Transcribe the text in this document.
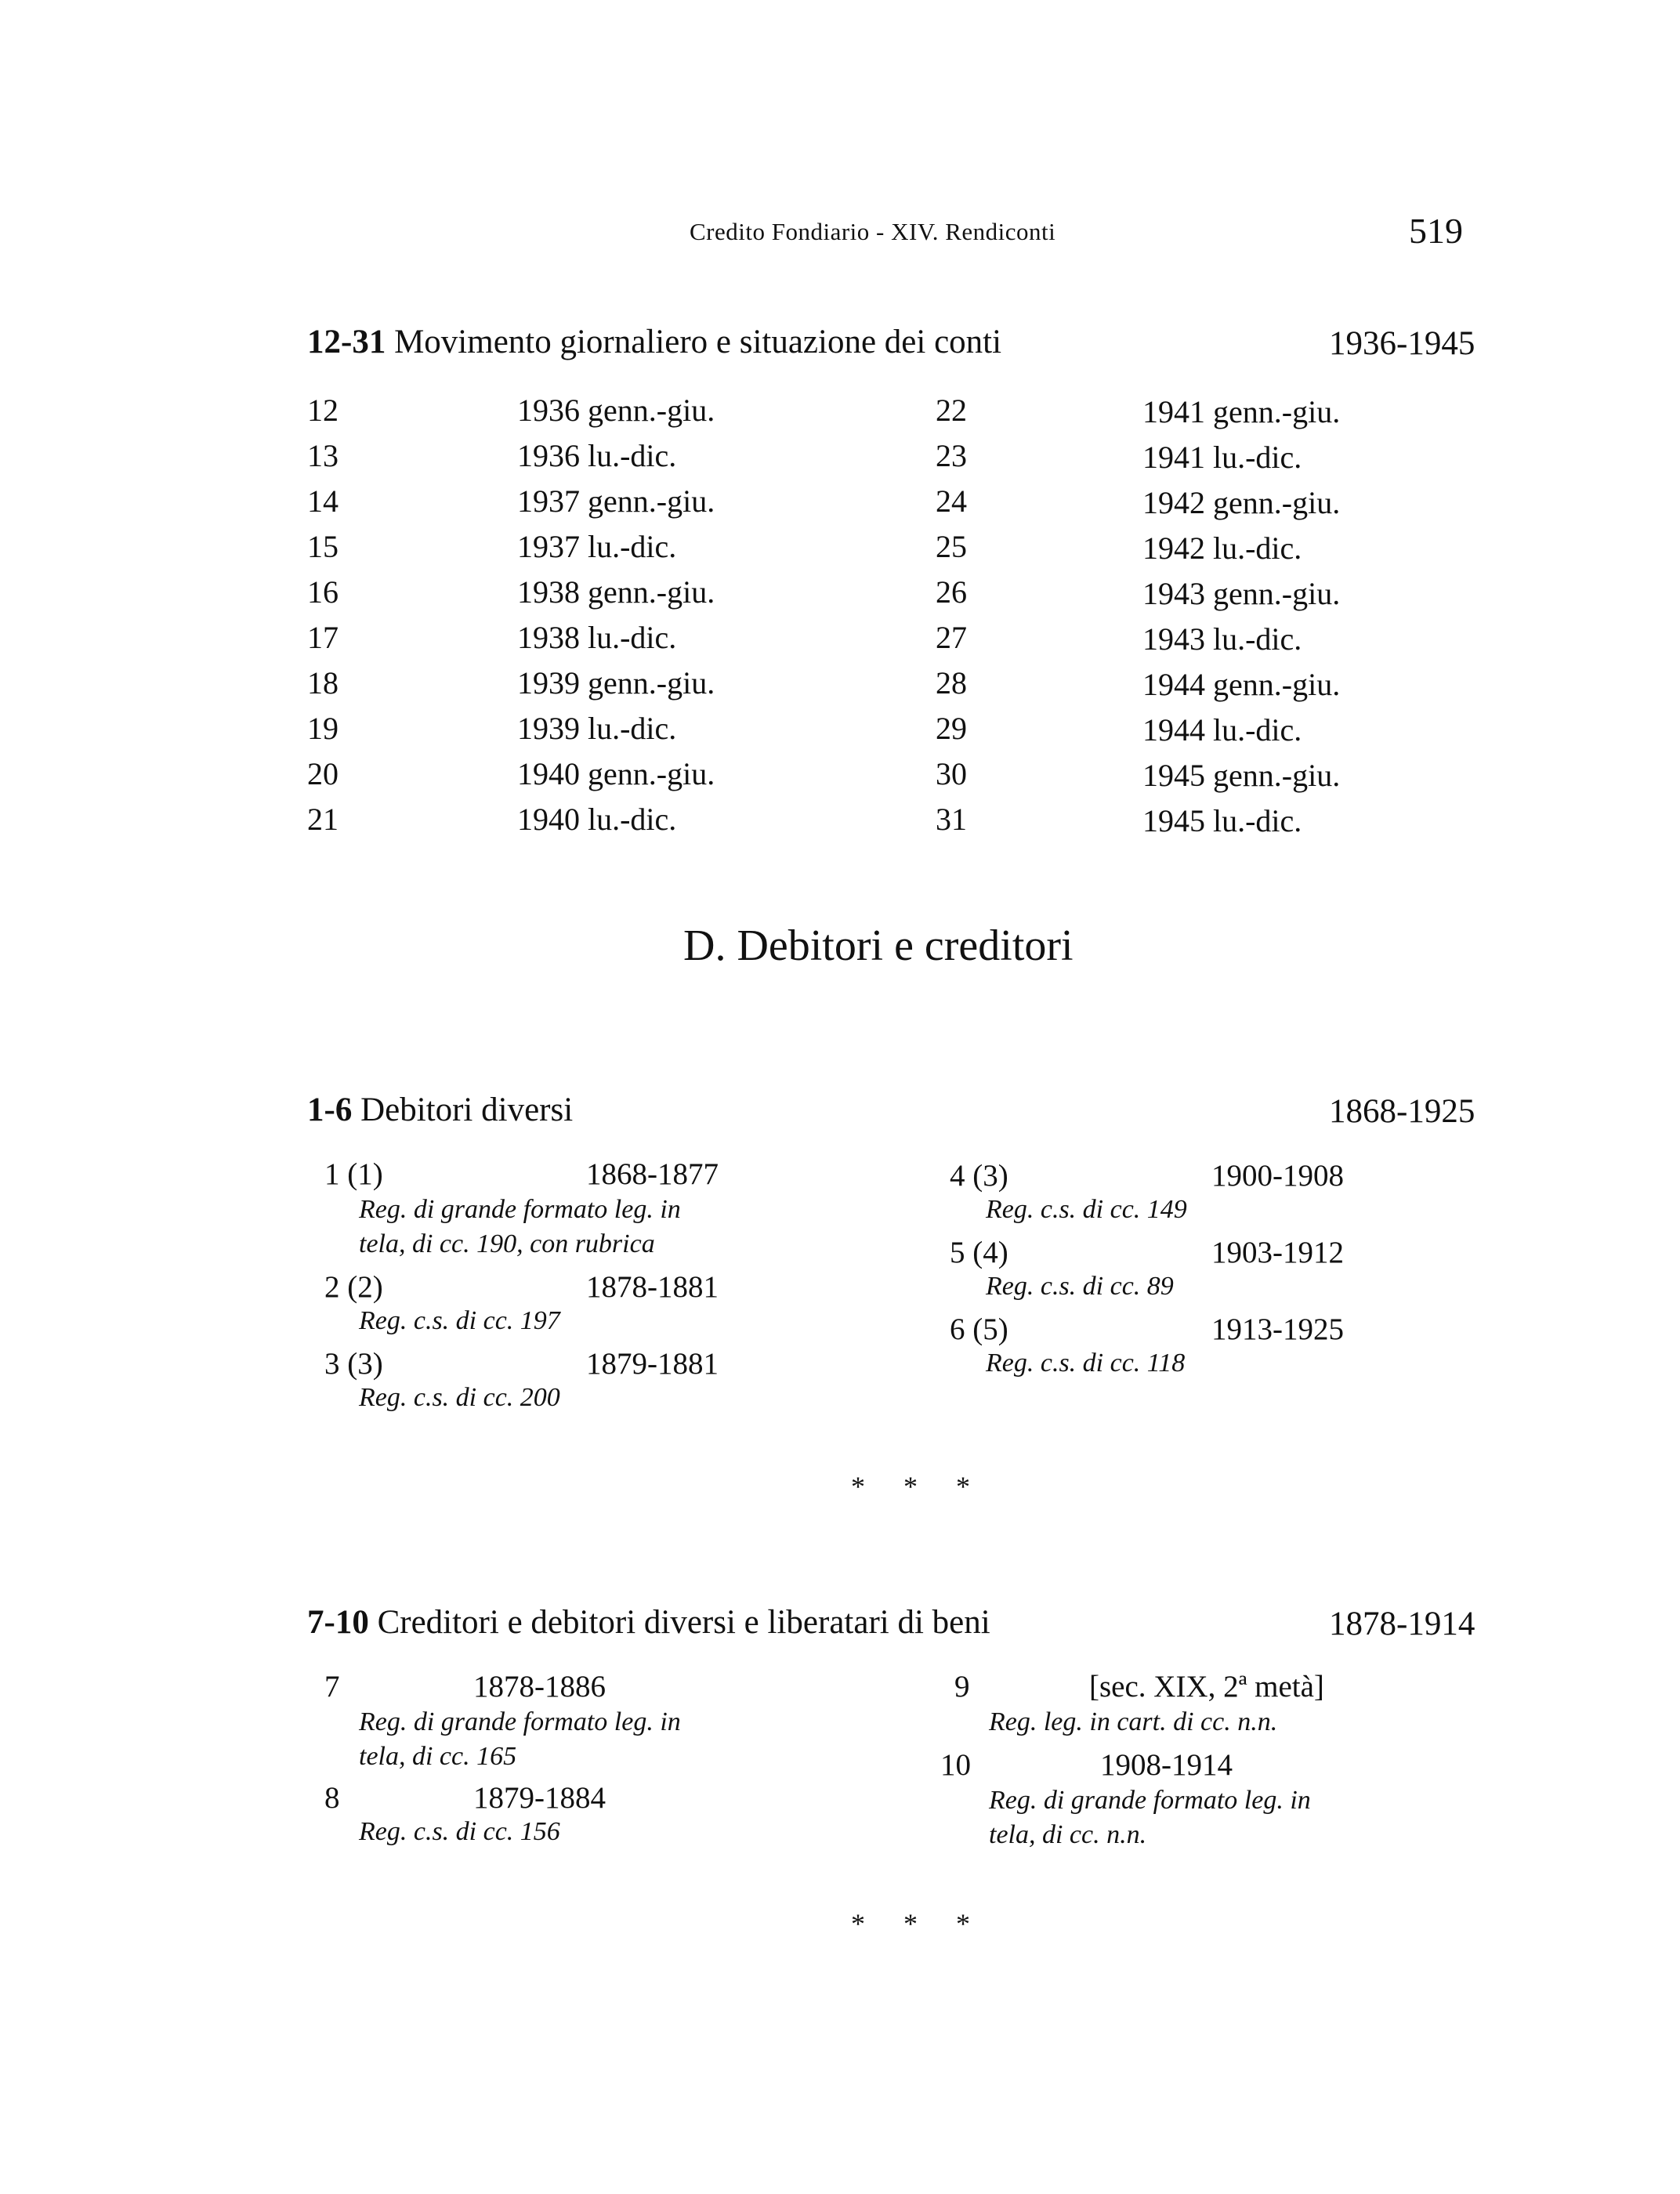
Credito Fondiario - XIV. Rendiconti	519
12-31 Movimento giornaliero e situazione dei conti	1936-1945
12	1936 genn.-giu.
13	1936 lu.-dic.
14	1937 genn.-giu.
15	1937 lu.-dic.
16	1938 genn.-giu.
17	1938 lu.-dic.
18	1939 genn.-giu.
19	1939 lu.-dic.
20	1940 genn.-giu.
21	1940 lu.-dic.
22	1941 genn.-giu.
23	1941 lu.-dic.
24	1942 genn.-giu.
25	1942 lu.-dic.
26	1943 genn.-giu.
27	1943 lu.-dic.
28	1944 genn.-giu.
29	1944 lu.-dic.
30	1945 genn.-giu.
31	1945 lu.-dic.
D. Debitori e creditori
1-6 Debitori diversi	1868-1925
1 (1)	1868-1877
Reg. di grande formato leg. in
tela, di cc. 190, con rubrica
2 (2)	1878-1881
Reg. c.s. di cc. 197
3 (3)	1879-1881
Reg. c.s. di cc. 200
4 (3)	1900-1908
Reg. c.s. di cc. 149
5 (4)	1903-1912
Reg. c.s. di cc. 89
6 (5)	1913-1925
Reg. c.s. di cc. 118
* * *
7-10 Creditori e debitori diversi e liberatari di beni	1878-1914
7	1878-1886
Reg. di grande formato leg. in
tela, di cc. 165
8	1879-1884
Reg. c.s. di cc. 156
9	[sec. XIX, 2ª metà]
Reg. leg. in cart. di cc. n.n.
10	1908-1914
Reg. di grande formato leg. in
tela, di cc. n.n.
* * *
